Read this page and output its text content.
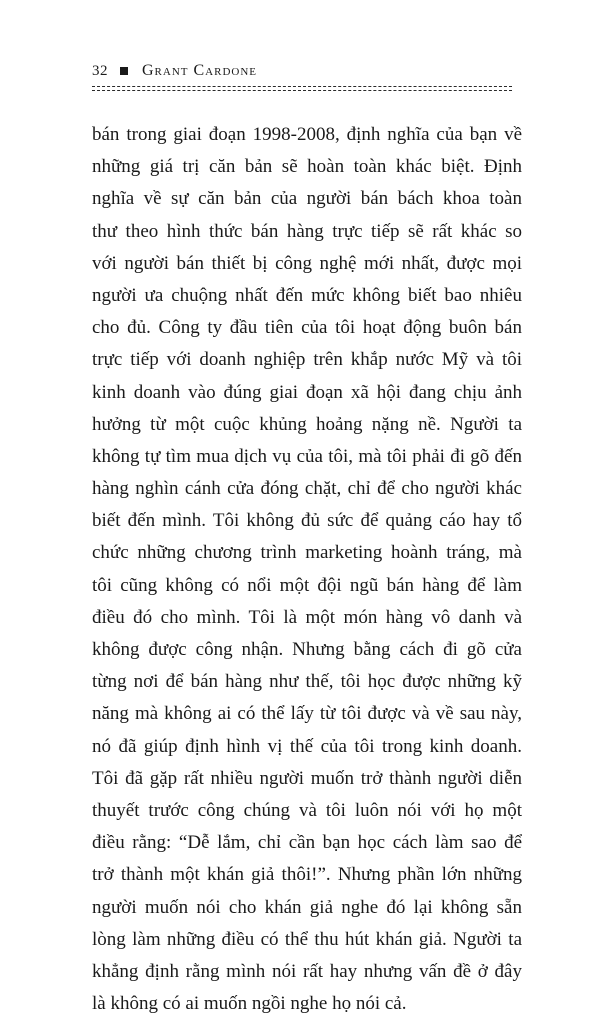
32 Grant Cardone
bán trong giai đoạn 1998-2008, định nghĩa của bạn về
những giá trị căn bản sẽ hoàn toàn khác biệt. Định
nghĩa về sự căn bản của người bán bách khoa toàn
thư theo hình thức bán hàng trực tiếp sẽ rất khác so
với người bán thiết bị công nghệ mới nhất, được mọi
người ưa chuộng nhất đến mức không biết bao nhiêu
cho đủ. Công ty đầu tiên của tôi hoạt động buôn bán
trực tiếp với doanh nghiệp trên khắp nước Mỹ và tôi
kinh doanh vào đúng giai đoạn xã hội đang chịu ảnh
hưởng từ một cuộc khủng hoảng nặng nề. Người ta
không tự tìm mua dịch vụ của tôi, mà tôi phải đi gõ đến
hàng nghìn cánh cửa đóng chặt, chỉ để cho người khác
biết đến mình. Tôi không đủ sức để quảng cáo hay tổ
chức những chương trình marketing hoành tráng, mà
tôi cũng không có nổi một đội ngũ bán hàng để làm
điều đó cho mình. Tôi là một món hàng vô danh và
không được công nhận. Nhưng bằng cách đi gõ cửa
từng nơi để bán hàng như thế, tôi học được những kỹ
năng mà không ai có thể lấy từ tôi được và về sau này,
nó đã giúp định hình vị thế của tôi trong kinh doanh.
Tôi đã gặp rất nhiều người muốn trở thành người diễn
thuyết trước công chúng và tôi luôn nói với họ một
điều rằng: “Dễ lắm, chỉ cần bạn học cách làm sao để
trở thành một khán giả thôi!”. Nhưng phần lớn những
người muốn nói cho khán giả nghe đó lại không sẵn
lòng làm những điều có thể thu hút khán giả. Người ta
khẳng định rằng mình nói rất hay nhưng vấn đề ở đây
là không có ai muốn ngồi nghe họ nói cả.
